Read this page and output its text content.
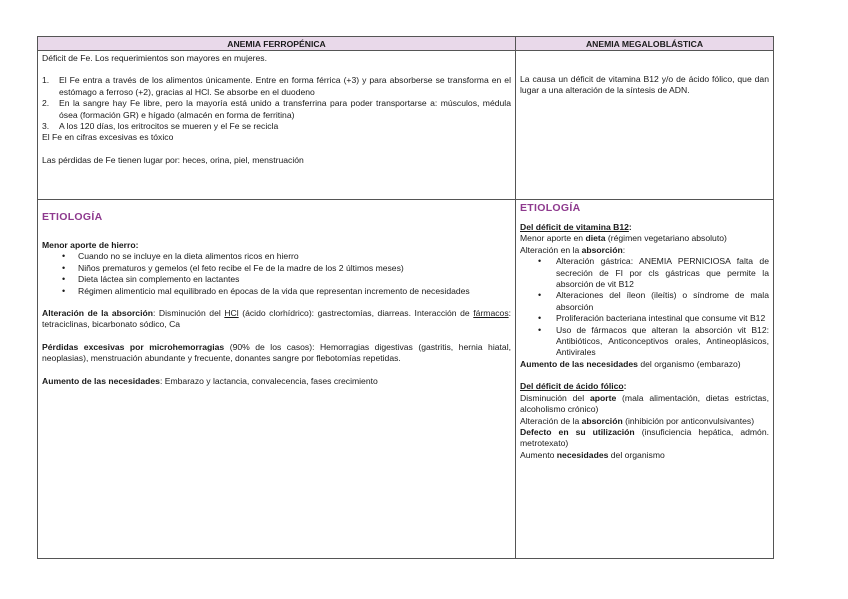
ANEMIA FERROPÉNICA	ANEMIA MEGALOBLÁSTICA

Déficit de Fe. Los requerimientos son mayores en mujeres.

1. El Fe entra a través de los alimentos únicamente. Entre en forma férrica (+3) y para absorberse se transforma en el estómago a ferroso (+2), gracias al HCl. Se absorbe en el duodeno
2. En la sangre hay Fe libre, pero la mayoría está unido a transferrina para poder transportarse a: músculos, médula ósea (formación GR) e hígado (almacén en forma de ferritina)
3. A los 120 días, los eritrocitos se mueren y el Fe se recicla

El Fe en cifras excesivas es tóxico

Las pérdidas de Fe tienen lugar por: heces, orina, piel, menstruación

La causa un déficit de vitamina B12 y/o de ácido fólico, que dan lugar a una alteración de la síntesis de ADN.

ETIOLOGÍA

Menor aporte de hierro:

• Cuando no se incluye en la dieta alimentos ricos en hierro
• Niños prematuros y gemelos (el feto recibe el Fe de la madre de los 2 últimos meses)
• Dieta láctea sin complemento en lactantes
• Régimen alimenticio mal equilibrado en épocas de la vida que representan incremento de necesidades

Alteración de la absorción: Disminución del HCl (ácido clorhídrico): gastrectomías, diarreas. Interacción de fármacos: tetraciclinas, bicarbonato sódico, Ca

Pérdidas excesivas por microhemorragias (90% de los casos): Hemorragias digestivas (gastritis, hernia hiatal, neoplasias), menstruación abundante y frecuente, donantes sangre por flebotomías repetidas.

Aumento de las necesidades: Embarazo y lactancia, convalecencia, fases crecimiento

ETIOLOGÍA

Del déficit de vitamina B12:

Menor aporte en dieta (régimen vegetariano absoluto)

Alteración en la absorción:

• Alteración gástrica: ANEMIA PERNICIOSA falta de secreción de FI por cls gástricas que permite la absorción de vit B12
• Alteraciones del íleon (ileítis) o síndrome de mala absorción
• Proliferación bacteriana intestinal que consume vit B12
• Uso de fármacos que alteran la absorción vit B12: Antibióticos, Anticonceptivos orales, Antineoplásicos, Antivirales

Aumento de las necesidades del organismo (embarazo)

Del déficit de ácido fólico:

Disminución del aporte (mala alimentación, dietas estrictas, alcoholismo crónico)

Alteración de la absorción (inhibición por anticonvulsivantes)

Defecto en su utilización (insuficiencia hepática, admón. metrotexato)

Aumento necesidades del organismo
